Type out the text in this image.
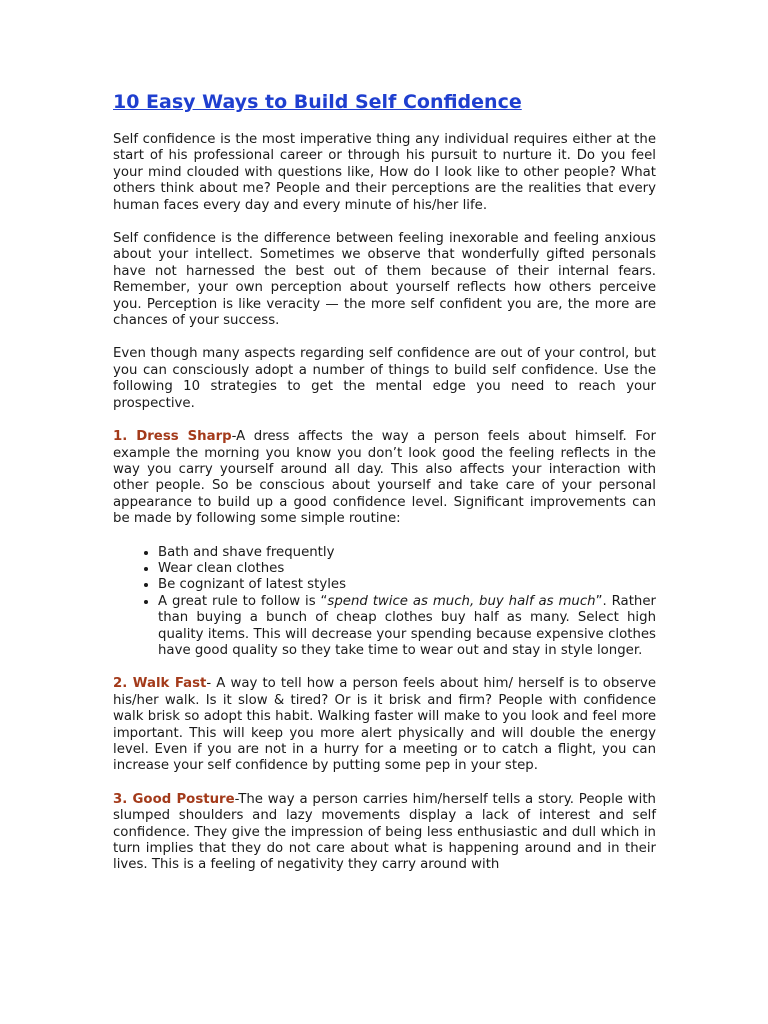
10 Easy Ways to Build Self Confidence

Self confidence is the most imperative thing any individual requires either at the start of his professional career or through his pursuit to nurture it. Do you feel your mind clouded with questions like, How do I look like to other people? What others think about me? People and their perceptions are the realities that every human faces every day and every minute of his/her life.

Self confidence is the difference between feeling inexorable and feeling anxious about your intellect. Sometimes we observe that wonderfully gifted personals have not harnessed the best out of them because of their internal fears. Remember, your own perception about yourself reflects how others perceive you. Perception is like veracity — the more self confident you are, the more are chances of your success.

Even though many aspects regarding self confidence are out of your control, but you can consciously adopt a number of things to build self confidence. Use the following 10 strategies to get the mental edge you need to reach your prospective.

1. Dress Sharp-A dress affects the way a person feels about himself. For example the morning you know you don’t look good the feeling reflects in the way you carry yourself around all day. This also affects your interaction with other people. So be conscious about yourself and take care of your personal appearance to build up a good confidence level. Significant improvements can be made by following some simple routine:

• Bath and shave frequently
• Wear clean clothes
• Be cognizant of latest styles
• A great rule to follow is “spend twice as much, buy half as much”. Rather than buying a bunch of cheap clothes buy half as many. Select high quality items. This will decrease your spending because expensive clothes have good quality so they take time to wear out and stay in style longer.

2. Walk Fast- A way to tell how a person feels about him/ herself is to observe his/her walk. Is it slow & tired? Or is it brisk and firm? People with confidence walk brisk so adopt this habit. Walking faster will make to you look and feel more important. This will keep you more alert physically and will double the energy level. Even if you are not in a hurry for a meeting or to catch a flight, you can increase your self confidence by putting some pep in your step.

3. Good Posture-The way a person carries him/herself tells a story. People with slumped shoulders and lazy movements display a lack of interest and self confidence. They give the impression of being less enthusiastic and dull which in turn implies that they do not care about what is happening around and in their lives. This is a feeling of negativity they carry around with
